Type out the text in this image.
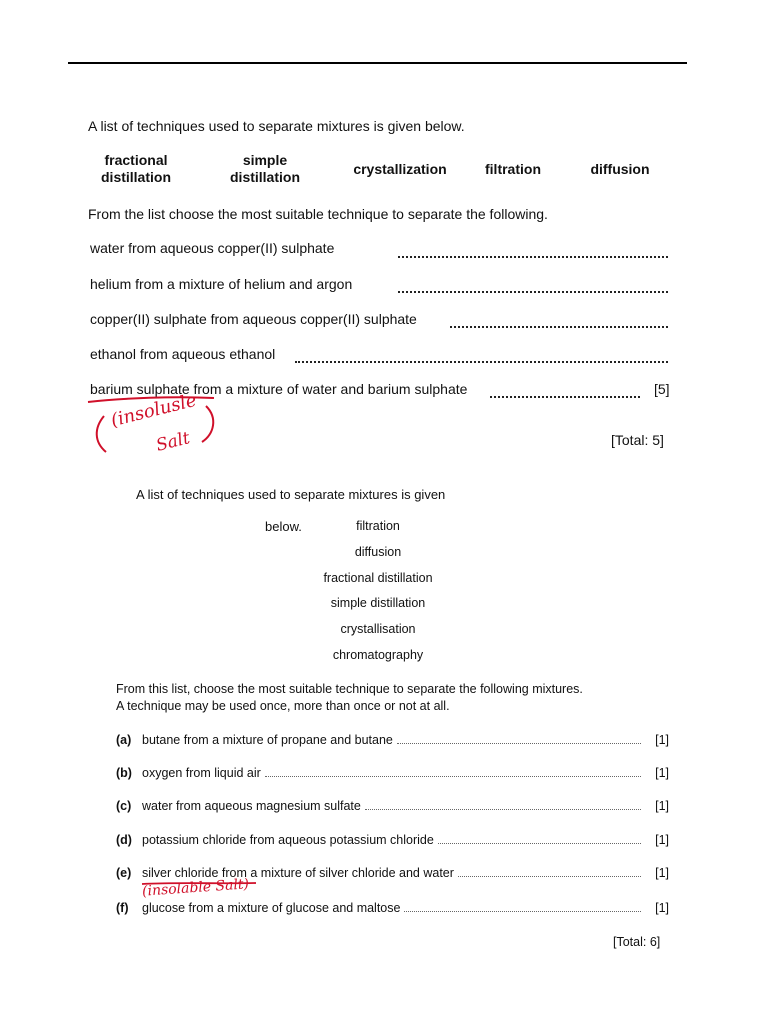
A list of techniques used to separate mixtures is given below.
fractional
distillation
simple
distillation	crystallization	filtration	diffusion
From the list choose the most suitable technique to separate the following.
water from aqueous copper(II) sulphate
helium from a mixture of helium and argon
copper(II) sulphate from aqueous copper(II) sulphate
ethanol from aqueous ethanol
barium sulphate from a mixture of water and barium sulphate	[5]
(insolusle
Salt	[Total: 5]
A list of techniques used to separate mixtures is given
below.	filtration
diffusion
fractional distillation
simple distillation
crystallisation
chromatography
From this list, choose the most suitable technique to separate the following mixtures.
A technique may be used once, more than once or not at all.
(a) butane from a mixture of propane and butane	[1]
(b) oxygen from liquid air	[1]
(c) water from aqueous magnesium sulfate	[1]
(d) potassium chloride from aqueous potassium chloride	[1]
(e) silver chloride from a mixture of silver chloride and water	[1]
(insolable Salt)
(f)	glucose from a mixture of glucose and maltose	[1]
[Total: 6]
